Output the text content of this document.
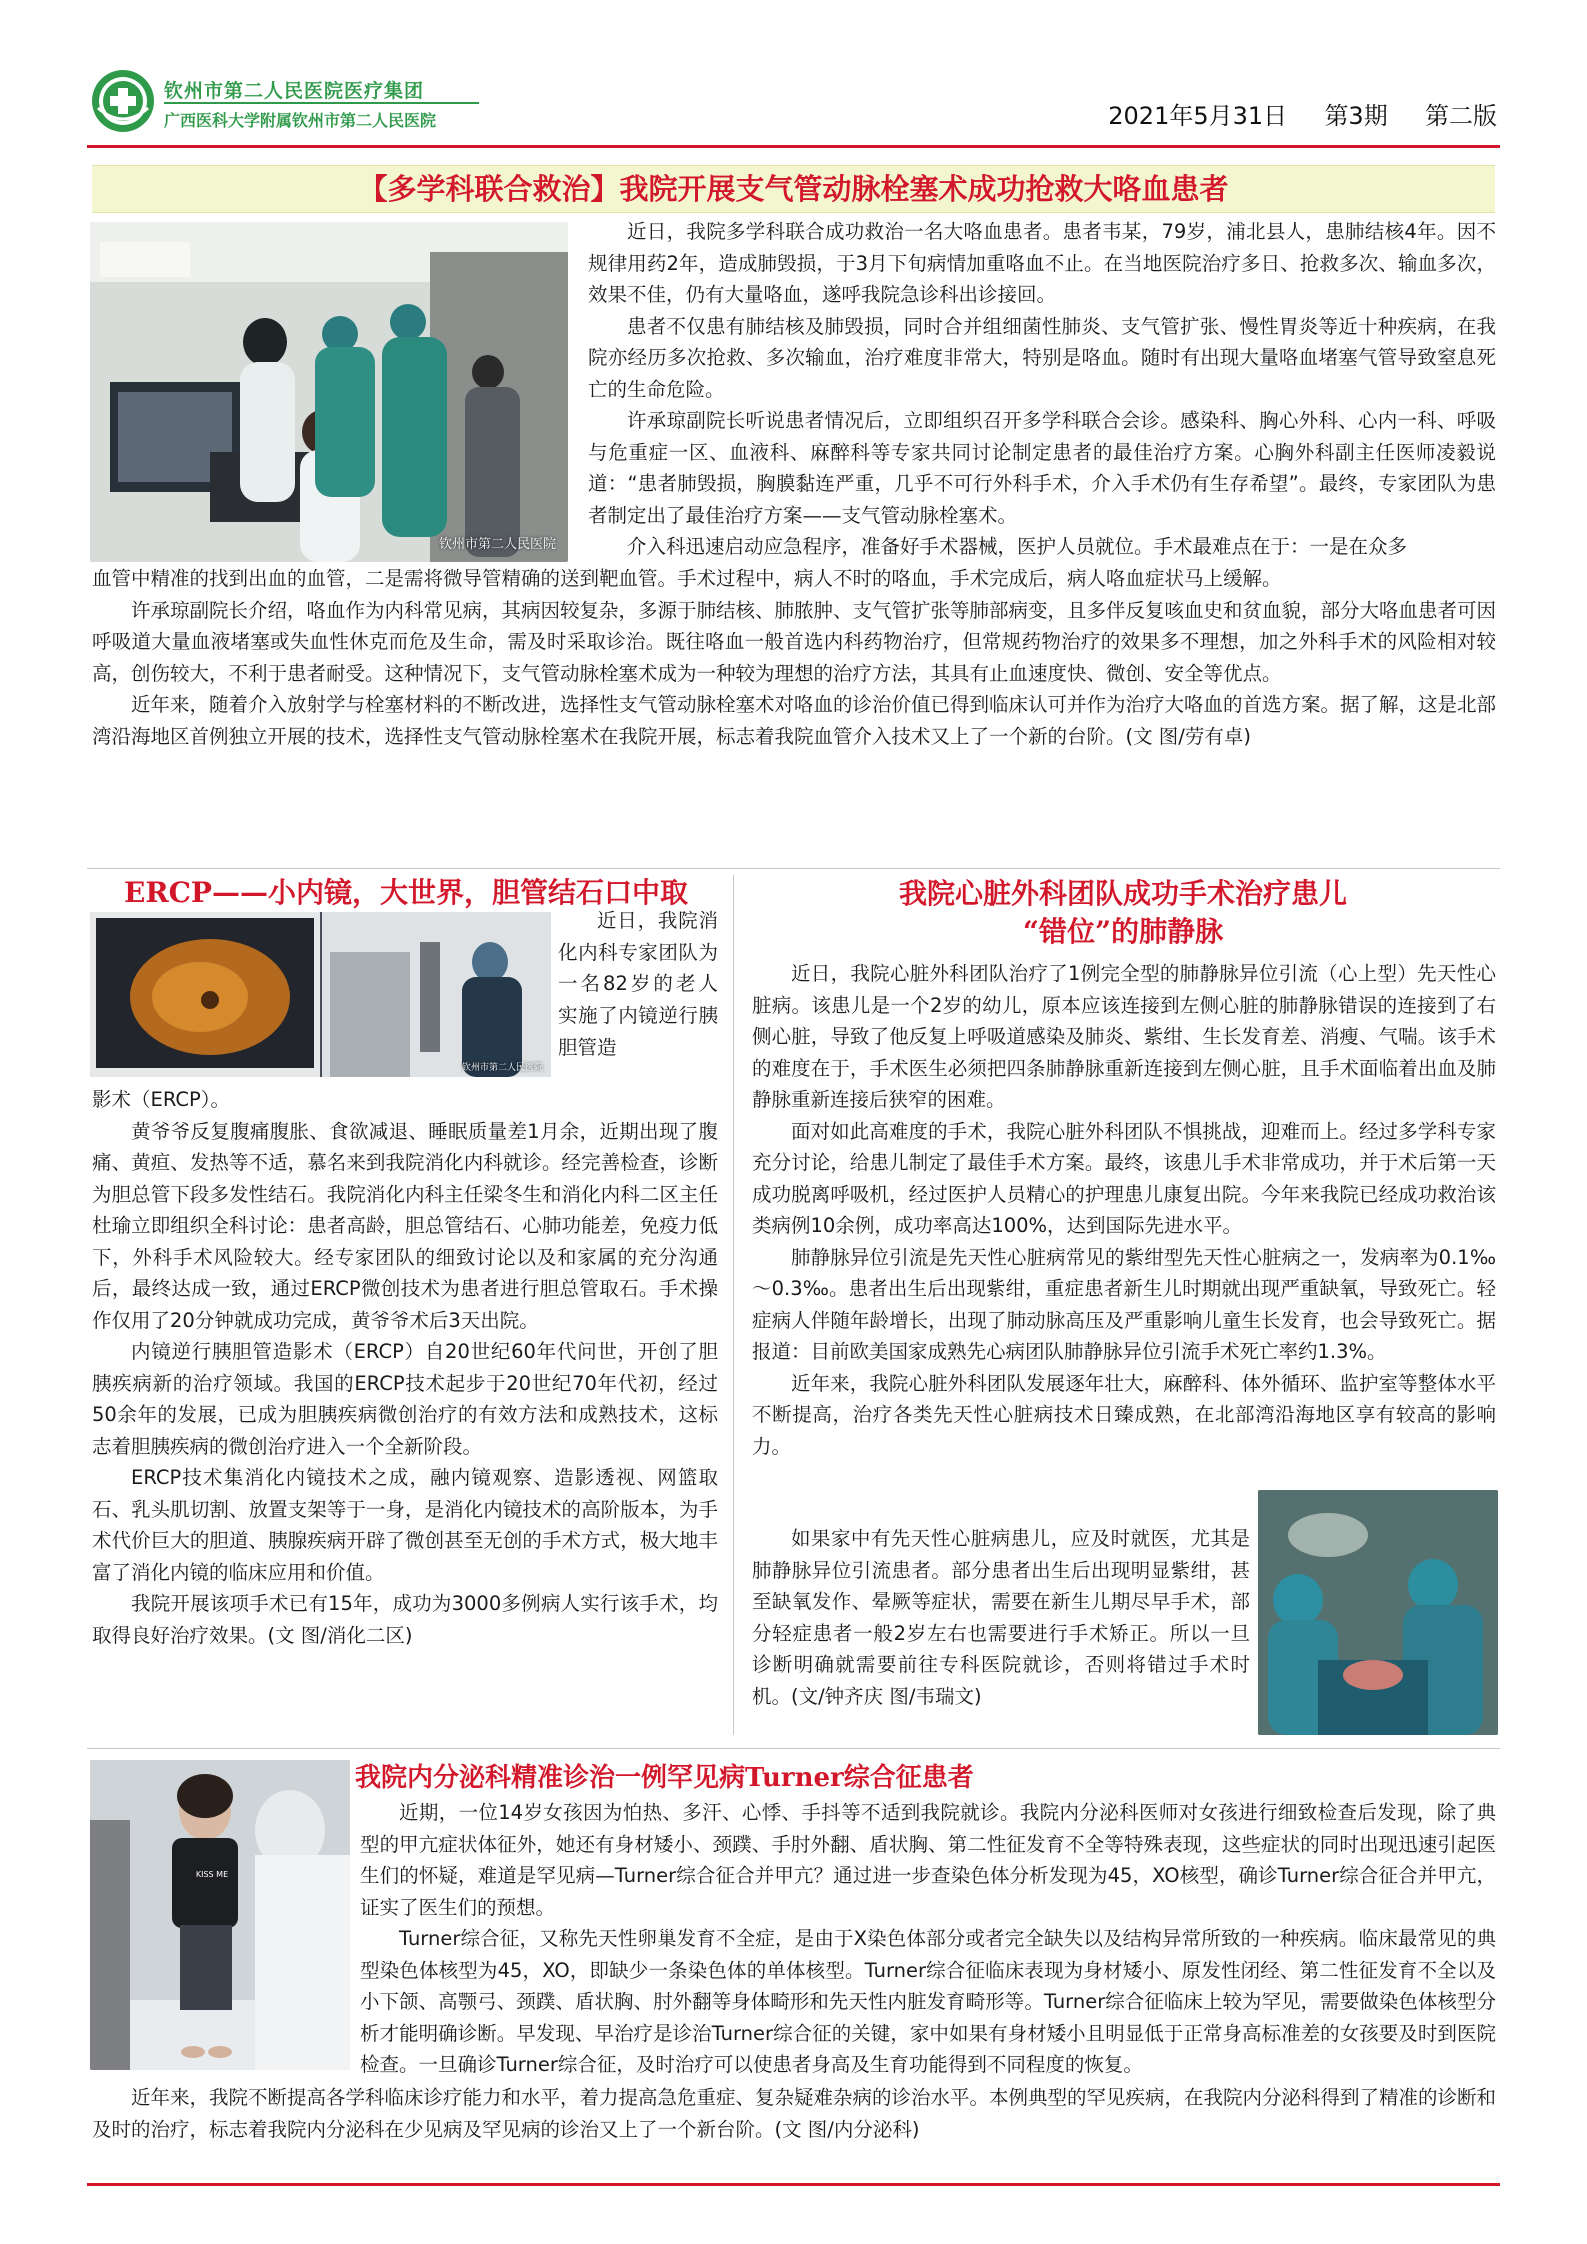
钦州市第二人民医院医疗集团
广西医科大学附属钦州市第二人民医院	2021年5月31日 第3期 第二版
【多学科联合救治】我院开展支气管动脉栓塞术成功抢救大咯血患者
钦州市第二人民医院

近日，我院多学科联合成功救治一名大咯血患者。患者韦某，79岁，浦北县人，患肺结核4年。因不规律用药2年，造成肺毁损，于3月下旬病情加重咯血不止。在当地医院治疗多日、抢救多次、输血多次，效果不佳，仍有大量咯血，遂呼我院急诊科出诊接回。

患者不仅患有肺结核及肺毁损，同时合并组细菌性肺炎、支气管扩张、慢性胃炎等近十种疾病，在我院亦经历多次抢救、多次输血，治疗难度非常大，特别是咯血。随时有出现大量咯血堵塞气管导致窒息死亡的生命危险。

许承琼副院长听说患者情况后，立即组织召开多学科联合会诊。感染科、胸心外科、心内一科、呼吸与危重症一区、血液科、麻醉科等专家共同讨论制定患者的最佳治疗方案。心胸外科副主任医师凌毅说道：“患者肺毁损，胸膜黏连严重，几乎不可行外科手术，介入手术仍有生存希望”。最终，专家团队为患者制定出了最佳治疗方案——支气管动脉栓塞术。

介入科迅速启动应急程序，准备好手术器械，医护人员就位。手术最难点在于：一是在众多

血管中精准的找到出血的血管，二是需将微导管精确的送到靶血管。手术过程中，病人不时的咯血，手术完成后，病人咯血症状马上缓解。

许承琼副院长介绍，咯血作为内科常见病，其病因较复杂，多源于肺结核、肺脓肿、支气管扩张等肺部病变，且多伴反复咳血史和贫血貌，部分大咯血患者可因呼吸道大量血液堵塞或失血性休克而危及生命，需及时采取诊治。既往咯血一般首选内科药物治疗，但常规药物治疗的效果多不理想，加之外科手术的风险相对较高，创伤较大，不利于患者耐受。这种情况下，支气管动脉栓塞术成为一种较为理想的治疗方法，其具有止血速度快、微创、安全等优点。

近年来，随着介入放射学与栓塞材料的不断改进，选择性支气管动脉栓塞术对咯血的诊治价值已得到临床认可并作为治疗大咯血的首选方案。据了解，这是北部湾沿海地区首例独立开展的技术，选择性支气管动脉栓塞术在我院开展，标志着我院血管介入技术又上了一个新的台阶。(文 图/劳有卓)

ERCP——小内镜，大世界，胆管结石口中取
钦州市第二人民医院

近日，我院消化内科专家团队为一名82岁的老人实施了内镜逆行胰胆管造

影术（ERCP）。

黄爷爷反复腹痛腹胀、食欲减退、睡眠质量差1月余，近期出现了腹痛、黄疸、发热等不适，慕名来到我院消化内科就诊。经完善检查，诊断为胆总管下段多发性结石。我院消化内科主任梁冬生和消化内科二区主任杜瑜立即组织全科讨论：患者高龄，胆总管结石、心肺功能差，免疫力低下，外科手术风险较大。经专家团队的细致讨论以及和家属的充分沟通后，最终达成一致，通过ERCP微创技术为患者进行胆总管取石。手术操作仅用了20分钟就成功完成，黄爷爷术后3天出院。

内镜逆行胰胆管造影术（ERCP）自20世纪60年代问世，开创了胆胰疾病新的治疗领域。我国的ERCP技术起步于20世纪70年代初，经过50余年的发展，已成为胆胰疾病微创治疗的有效方法和成熟技术，这标志着胆胰疾病的微创治疗进入一个全新阶段。

ERCP技术集消化内镜技术之成，融内镜观察、造影透视、网篮取石、乳头肌切割、放置支架等于一身，是消化内镜技术的高阶版本，为手术代价巨大的胆道、胰腺疾病开辟了微创甚至无创的手术方式，极大地丰富了消化内镜的临床应用和价值。

我院开展该项手术已有15年，成功为3000多例病人实行该手术，均取得良好治疗效果。(文 图/消化二区)

我院心脏外科团队成功手术治疗患儿
“错位”的肺静脉

近日，我院心脏外科团队治疗了1例完全型的肺静脉异位引流（心上型）先天性心脏病。该患儿是一个2岁的幼儿，原本应该连接到左侧心脏的肺静脉错误的连接到了右侧心脏，导致了他反复上呼吸道感染及肺炎、紫绀、生长发育差、消瘦、气喘。该手术的难度在于，手术医生必须把四条肺静脉重新连接到左侧心脏，且手术面临着出血及肺静脉重新连接后狭窄的困难。

面对如此高难度的手术，我院心脏外科团队不惧挑战，迎难而上。经过多学科专家充分讨论，给患儿制定了最佳手术方案。最终，该患儿手术非常成功，并于术后第一天成功脱离呼吸机，经过医护人员精心的护理患儿康复出院。今年来我院已经成功救治该类病例10余例，成功率高达100%，达到国际先进水平。

肺静脉异位引流是先天性心脏病常见的紫绀型先天性心脏病之一，发病率为0.1‰～0.3‰。患者出生后出现紫绀，重症患者新生儿时期就出现严重缺氧，导致死亡。轻症病人伴随年龄增长，出现了肺动脉高压及严重影响儿童生长发育，也会导致死亡。据报道：目前欧美国家成熟先心病团队肺静脉异位引流手术死亡率约1.3%。

近年来，我院心脏外科团队发展逐年壮大，麻醉科、体外循环、监护室等整体水平不断提高，治疗各类先天性心脏病技术日臻成熟，在北部湾沿海地区享有较高的影响力。

如果家中有先天性心脏病患儿，应及时就医，尤其是肺静脉异位引流患者。部分患者出生后出现明显紫绀，甚至缺氧发作、晕厥等症状，需要在新生儿期尽早手术，部分轻症患者一般2岁左右也需要进行手术矫正。所以一旦诊断明确就需要前往专科医院就诊，否则将错过手术时机。(文/钟齐庆 图/韦瑞文)

KISS ME
我院内分泌科精准诊治一例罕见病Turner综合征患者

近期，一位14岁女孩因为怕热、多汗、心悸、手抖等不适到我院就诊。我院内分泌科医师对女孩进行细致检查后发现，除了典型的甲亢症状体征外，她还有身材矮小、颈蹼、手肘外翻、盾状胸、第二性征发育不全等特殊表现，这些症状的同时出现迅速引起医生们的怀疑，难道是罕见病—Turner综合征合并甲亢？通过进一步查染色体分析发现为45，XO核型，确诊Turner综合征合并甲亢，证实了医生们的预想。

Turner综合征，又称先天性卵巢发育不全症，是由于X染色体部分或者完全缺失以及结构异常所致的一种疾病。临床最常见的典型染色体核型为45，XO，即缺少一条染色体的单体核型。Turner综合征临床表现为身材矮小、原发性闭经、第二性征发育不全以及小下颌、高颚弓、颈蹼、盾状胸、肘外翻等身体畸形和先天性内脏发育畸形等。Turner综合征临床上较为罕见，需要做染色体核型分析才能明确诊断。早发现、早治疗是诊治Turner综合征的关键，家中如果有身材矮小且明显低于正常身高标准差的女孩要及时到医院检查。一旦确诊Turner综合征，及时治疗可以使患者身高及生育功能得到不同程度的恢复。

近年来，我院不断提高各学科临床诊疗能力和水平，着力提高急危重症、复杂疑难杂病的诊治水平。本例典型的罕见疾病，在我院内分泌科得到了精准的诊断和及时的治疗，标志着我院内分泌科在少见病及罕见病的诊治又上了一个新台阶。(文 图/内分泌科)
